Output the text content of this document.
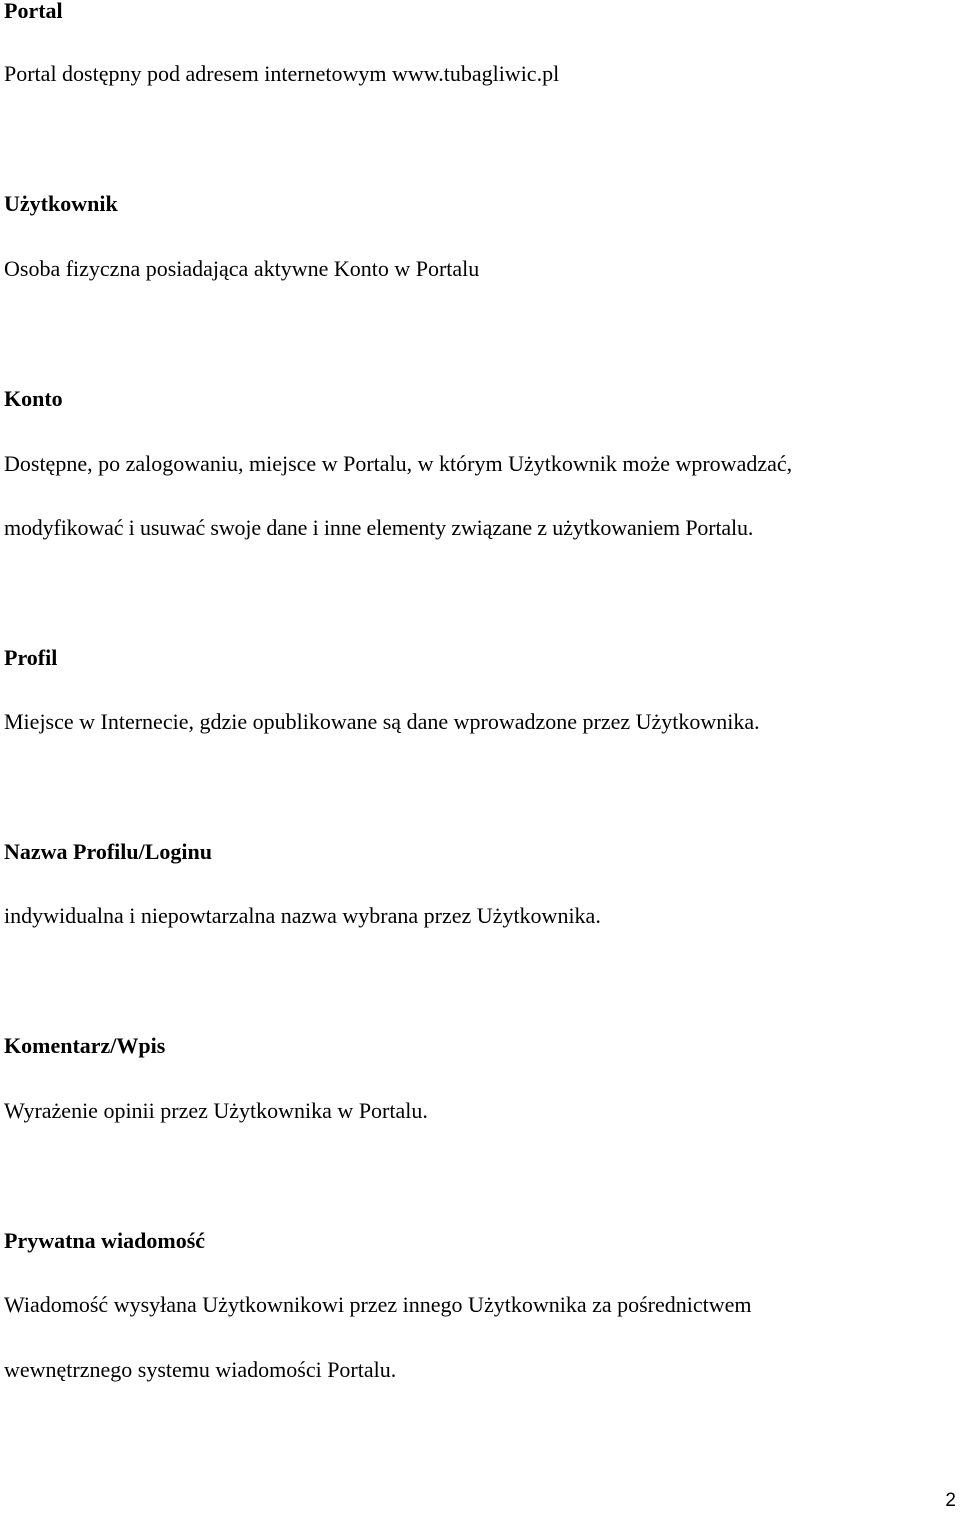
Portal

Portal dostępny pod adresem internetowym www.tubagliwic.pl

Użytkownik

Osoba fizyczna posiadająca aktywne Konto w Portalu

Konto

Dostępne, po zalogowaniu, miejsce w Portalu, w którym Użytkownik może wprowadzać,

modyfikować i usuwać swoje dane i inne elementy związane z użytkowaniem Portalu.

Profil

Miejsce w Internecie, gdzie opublikowane są dane wprowadzone przez Użytkownika.

Nazwa Profilu/Loginu

indywidualna i niepowtarzalna nazwa wybrana przez Użytkownika.

Komentarz/Wpis

Wyrażenie opinii przez Użytkownika w Portalu.

Prywatna wiadomość

Wiadomość wysyłana Użytkownikowi przez innego Użytkownika za pośrednictwem

wewnętrznego systemu wiadomości Portalu.

2
